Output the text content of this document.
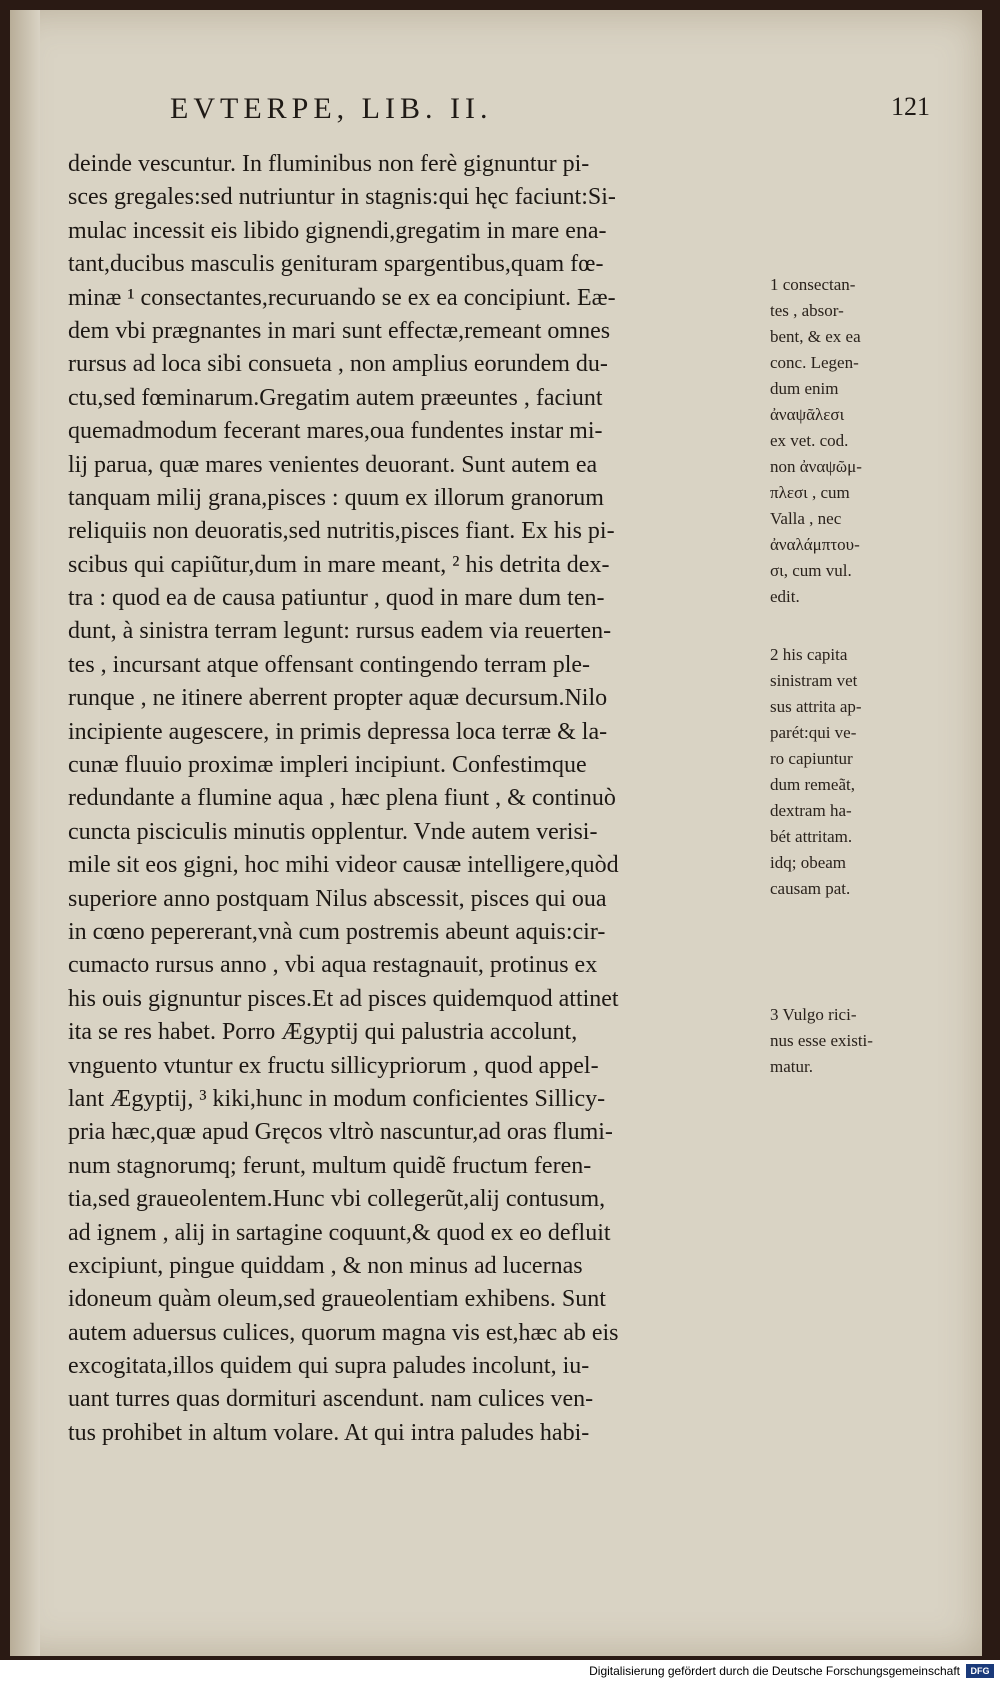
EVTERPE, LIB. II.	121
deinde vescuntur. In fluminibus non ferè gignuntur pi-
sces gregales:sed nutriuntur in stagnis:qui hęc faciunt:Si-
mulac incessit eis libido gignendi,gregatim in mare ena-
tant,ducibus masculis genituram spargentibus,quam fœ-
minæ ¹ consectantes,recuruando se ex ea concipiunt. Eæ-
dem vbi prægnantes in mari sunt effectæ,remeant omnes
rursus ad loca sibi consueta , non amplius eorundem du-
ctu,sed fœminarum.Gregatim autem præeuntes , faciunt
quemadmodum fecerant mares,oua fundentes instar mi-
lij parua, quæ mares venientes deuorant. Sunt autem ea
tanquam milij grana,pisces : quum ex illorum granorum
reliquiis non deuoratis,sed nutritis,pisces fiant. Ex his pi-
scibus qui capiũtur,dum in mare meant, ² his detrita dex-
tra : quod ea de causa patiuntur , quod in mare dum ten-
dunt, à sinistra terram legunt: rursus eadem via reuerten-
tes , incursant atque offensant contingendo terram ple-
runque , ne itinere aberrent propter aquæ decursum.Nilo
incipiente augescere, in primis depressa loca terræ & la-
cunæ fluuio proximæ impleri incipiunt. Confestimque
redundante a flumine aqua , hæc plena fiunt , & continuò
cuncta pisciculis minutis opplentur. Vnde autem verisi-
mile sit eos gigni, hoc mihi videor causæ intelligere,quòd
superiore anno postquam Nilus abscessit, pisces qui oua
in cœno pepererant,vnà cum postremis abeunt aquis:cir-
cumacto rursus anno , vbi aqua restagnauit, protinus ex
his ouis gignuntur pisces.Et ad pisces quidemquod attinet
ita se res habet. Porro Ægyptij qui palustria accolunt,
vnguento vtuntur ex fructu sillicypriorum , quod appel-
lant Ægyptij, ³ kiki,hunc in modum conficientes Sillicy-
pria hæc,quæ apud Gręcos vltrò nascuntur,ad oras flumi-
num stagnorumq; ferunt, multum quidẽ fructum feren-
tia,sed graueolentem.Hunc vbi collegerũt,alij contusum,
ad ignem , alij in sartagine coquunt,& quod ex eo defluit
excipiunt, pingue quiddam , & non minus ad lucernas
idoneum quàm oleum,sed graueolentiam exhibens. Sunt
autem aduersus culices, quorum magna vis est,hæc ab eis
excogitata,illos quidem qui supra paludes incolunt, iu-
uant turres quas dormituri ascendunt. nam culices ven-
tus prohibet in altum volare. At qui intra paludes habi-
1 consectan-
tes , absor-
bent, & ex ea
conc. Legen-
dum enim
ἀναψᾶλεσι
ex vet. cod.
non ἀναψῶμ-
πλεσι , cum
Valla , nec
ἀναλάμπτου-
σι, cum vul.
edit.
2 his capita
sinistram vet
sus attrita ap-
parét:qui ve-
ro capiuntur
dum remeãt,
dextram ha-
bét attritam.
idq; obeam
causam pat.
3 Vulgo rici-
nus esse existi-
matur.
Digitalisierung gefördert durch die Deutsche Forschungsgemeinschaft	DFG
